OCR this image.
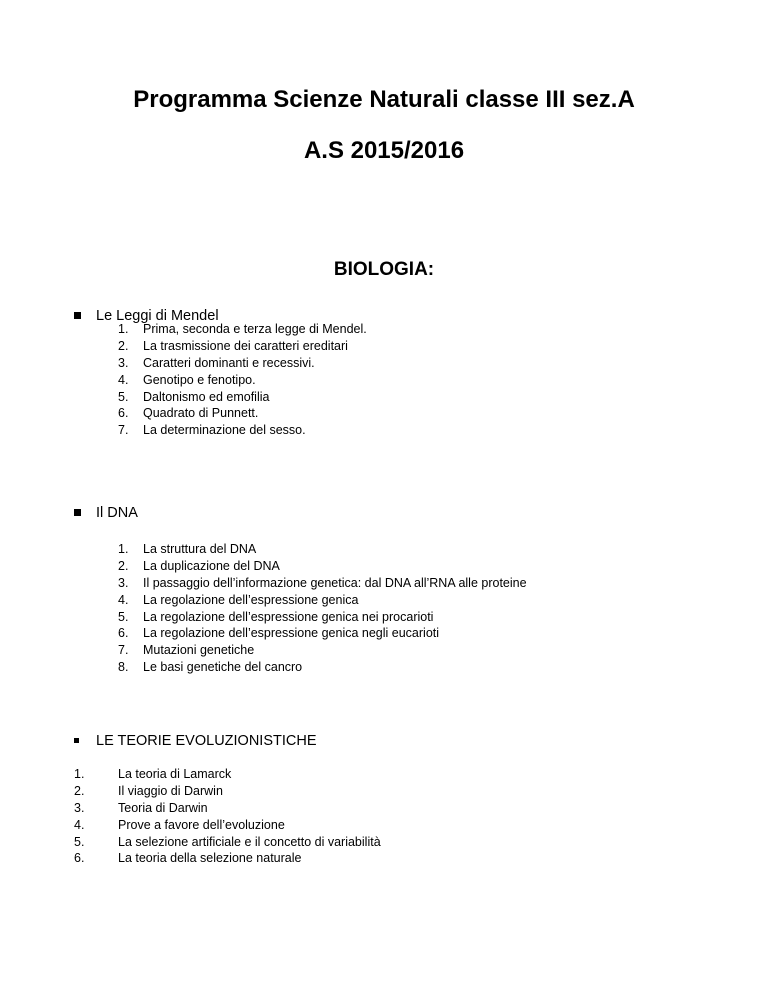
Programma Scienze Naturali classe III sez.A
A.S 2015/2016
BIOLOGIA:
Le Leggi di Mendel
1. Prima, seconda e terza legge di Mendel.
2. La trasmissione dei caratteri ereditari
3. Caratteri dominanti e recessivi.
4. Genotipo e fenotipo.
5. Daltonismo ed emofilia
6. Quadrato di Punnett.
7. La determinazione del sesso.
Il DNA
1. La struttura del DNA
2. La duplicazione del DNA
3. Il passaggio dell’informazione genetica: dal DNA all’RNA alle proteine
4. La regolazione dell’espressione genica
5. La regolazione dell’espressione genica nei procarioti
6. La regolazione dell’espressione genica negli eucarioti
7. Mutazioni genetiche
8. Le basi genetiche del cancro
LE TEORIE EVOLUZIONISTICHE
1.	La teoria di Lamarck
2.	Il viaggio di Darwin
3.	Teoria di Darwin
4.	Prove a favore dell’evoluzione
5.	La selezione artificiale e il concetto di variabilità
6.	La teoria della selezione naturale
